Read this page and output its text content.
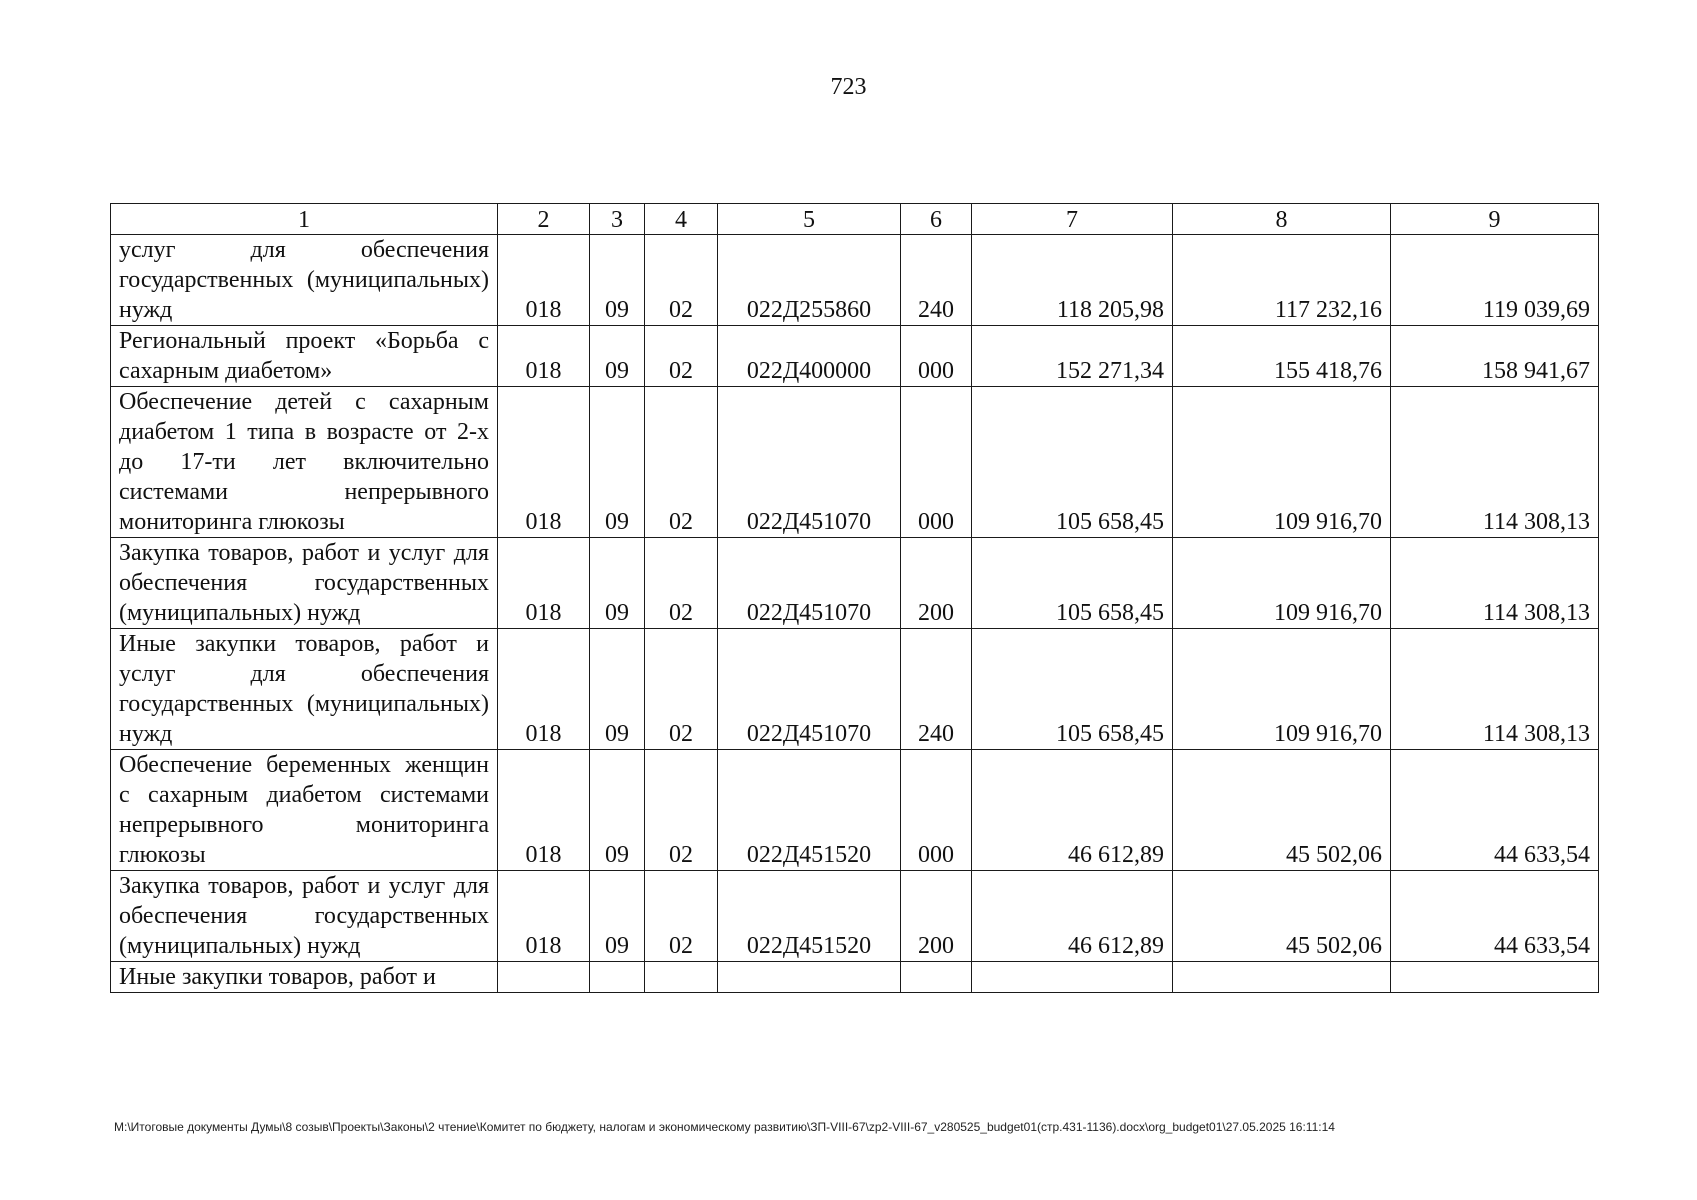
723
1	2	3	4	5	6	7	8	9
услуг для обеспечения государственных (муниципальных) нужд	018	09	02	022Д255860	240	118 205,98	117 232,16	119 039,69
Региональный проект «Борьба с сахарным диабетом»	018	09	02	022Д400000	000	152 271,34	155 418,76	158 941,67
Обеспечение детей с сахарным диабетом 1 типа в возрасте от 2-х до 17-ти лет включительно системами непрерывного мониторинга глюкозы	018	09	02	022Д451070	000	105 658,45	109 916,70	114 308,13
Закупка товаров, работ и услуг для обеспечения государственных (муниципальных) нужд	018	09	02	022Д451070	200	105 658,45	109 916,70	114 308,13
Иные закупки товаров, работ и услуг для обеспечения государственных (муниципальных) нужд	018	09	02	022Д451070	240	105 658,45	109 916,70	114 308,13
Обеспечение беременных женщин с сахарным диабетом системами непрерывного мониторинга глюкозы	018	09	02	022Д451520	000	46 612,89	45 502,06	44 633,54
Закупка товаров, работ и услуг для обеспечения государственных (муниципальных) нужд	018	09	02	022Д451520	200	46 612,89	45 502,06	44 633,54
Иные закупки товаров, работ и								
M:\Итоговые документы Думы\8 созыв\Проекты\Законы\2 чтение\Комитет по бюджету, налогам и экономическому развитию\ЗП-VIII-67\zp2-VIII-67_v280525_budget01(стр.431-1136).docx\org_budget01\27.05.2025 16:11:14
